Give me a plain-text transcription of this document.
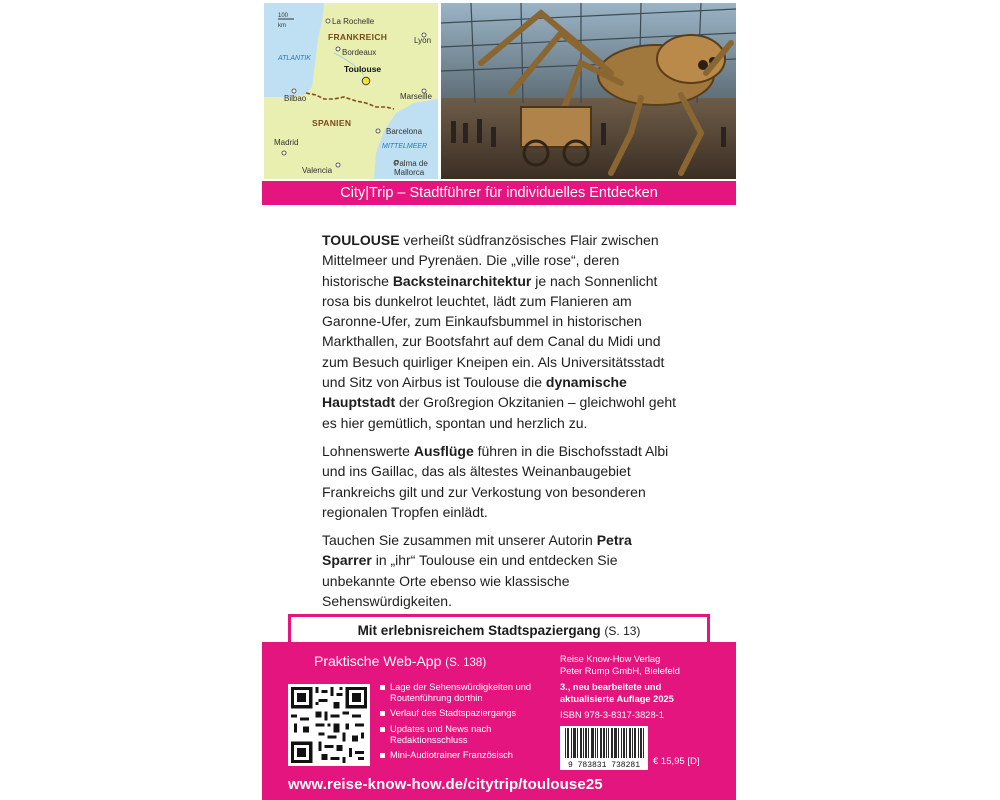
100
km
FRANKREICH
SPANIEN
ATLANTIK
MITTELMEER
La Rochelle
Bordeaux
Lyon
Toulouse
Bilbao	Marseille
Madrid
Barcelona
Valencia
Palma de Mallorca
City|Trip – Stadtführer für individuelles Entdecken

TOULOUSE verheißt südfranzösisches Flair zwischen Mittelmeer und Pyrenäen. Die „ville rose“, deren historische Backsteinarchitektur je nach Sonnenlicht rosa bis dunkelrot leuchtet, lädt zum Flanieren am Garonne-Ufer, zum Einkaufsbummel in historischen Markthallen, zur Bootsfahrt auf dem Canal du Midi und zum Besuch quirliger Kneipen ein. Als Universitätsstadt und Sitz von Airbus ist Toulouse die dynamische Hauptstadt der Großregion Okzitanien – gleichwohl geht es hier gemütlich, spontan und herzlich zu.

Lohnenswerte Ausflüge führen in die Bischofsstadt Albi und ins Gaillac, das als ältestes Weinanbaugebiet Frankreichs gilt und zur Verkostung von besonderen regionalen Tropfen einlädt.

Tauchen Sie zusammen mit unserer Autorin Petra Sparrer in „ihr“ Toulouse ein und entdecken Sie unbekannte Orte ebenso wie klassische Sehenswürdigkeiten.

Mit erlebnisreichem Stadtspaziergang (S. 13)
Praktische Web-App (S. 138)
Lage der Sehenswürdigkeiten und Routenführung dorthin
Verlauf des Stadtspaziergangs
Updates und News nach Redaktionsschluss
Mini-Audiotrainer Französisch
Reise Know-How Verlag
Peter Rump GmbH, Bielefeld
3., neu bearbeitete und
aktualisierte Auflage 2025
ISBN 978-3-8317-3828-1
9 783831 738281	€ 15,95 [D]
www.reise-know-how.de/citytrip/toulouse25
